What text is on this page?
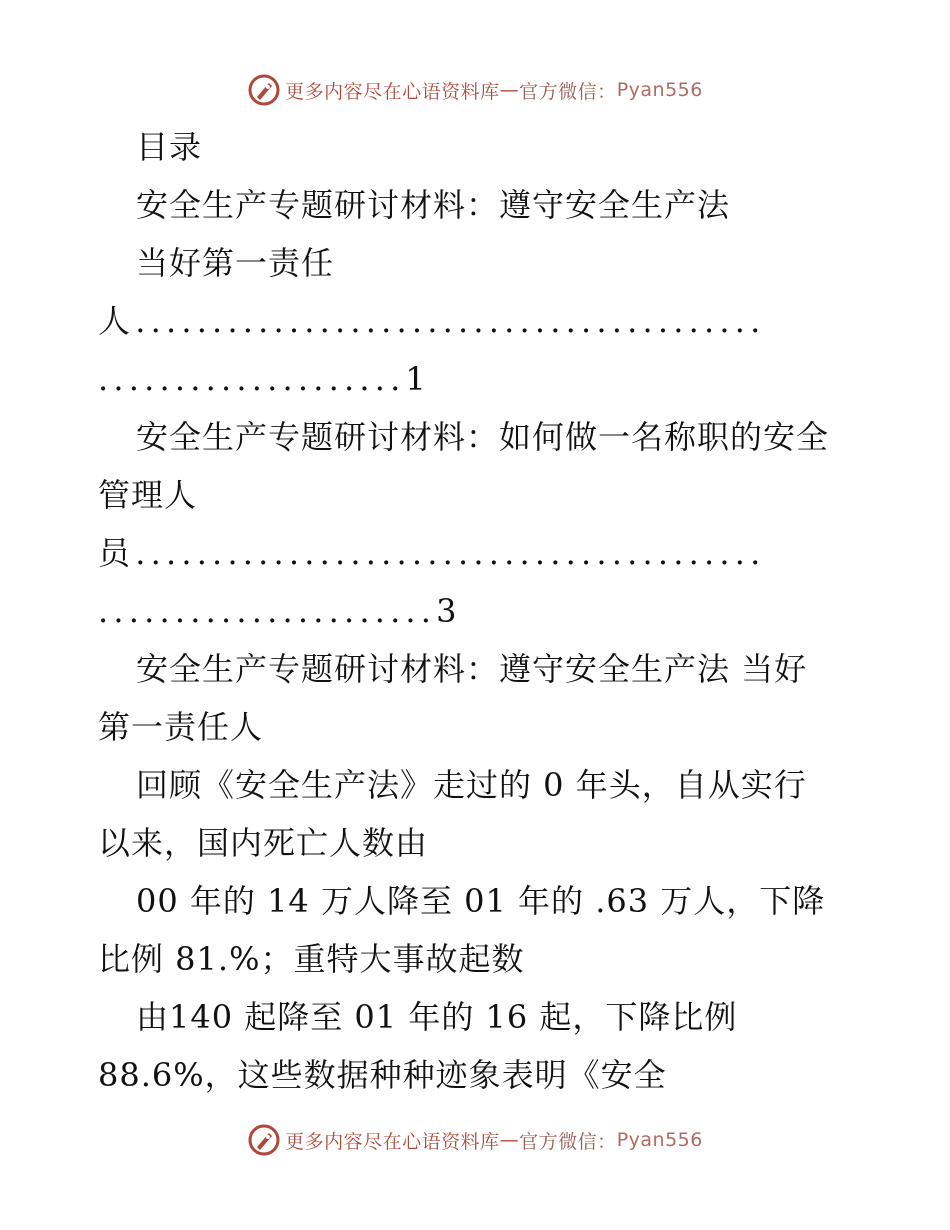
更多内容尽在心语资料库 — 官方微信： Pyan556
目录
安全生产专题研讨材料：遵守安全生产法
当好第一责任
人.........................................
....................1
安全生产专题研讨材料：如何做一名称职的安全
管理人
员.........................................
......................3
安全生产专题研讨材料：遵守安全生产法 当好
第一责任人
回顾《安全生产法》走过的 0 年头，自从实行
以来，国内死亡人数由
00 年的 14 万人降至 01 年的 .63 万人，下降
比例 81.%；重特大事故起数
由140 起降至 01 年的 16 起，下降比例
88.6%，这些数据种种迹象表明《安全
更多内容尽在心语资料库 — 官方微信： Pyan556
